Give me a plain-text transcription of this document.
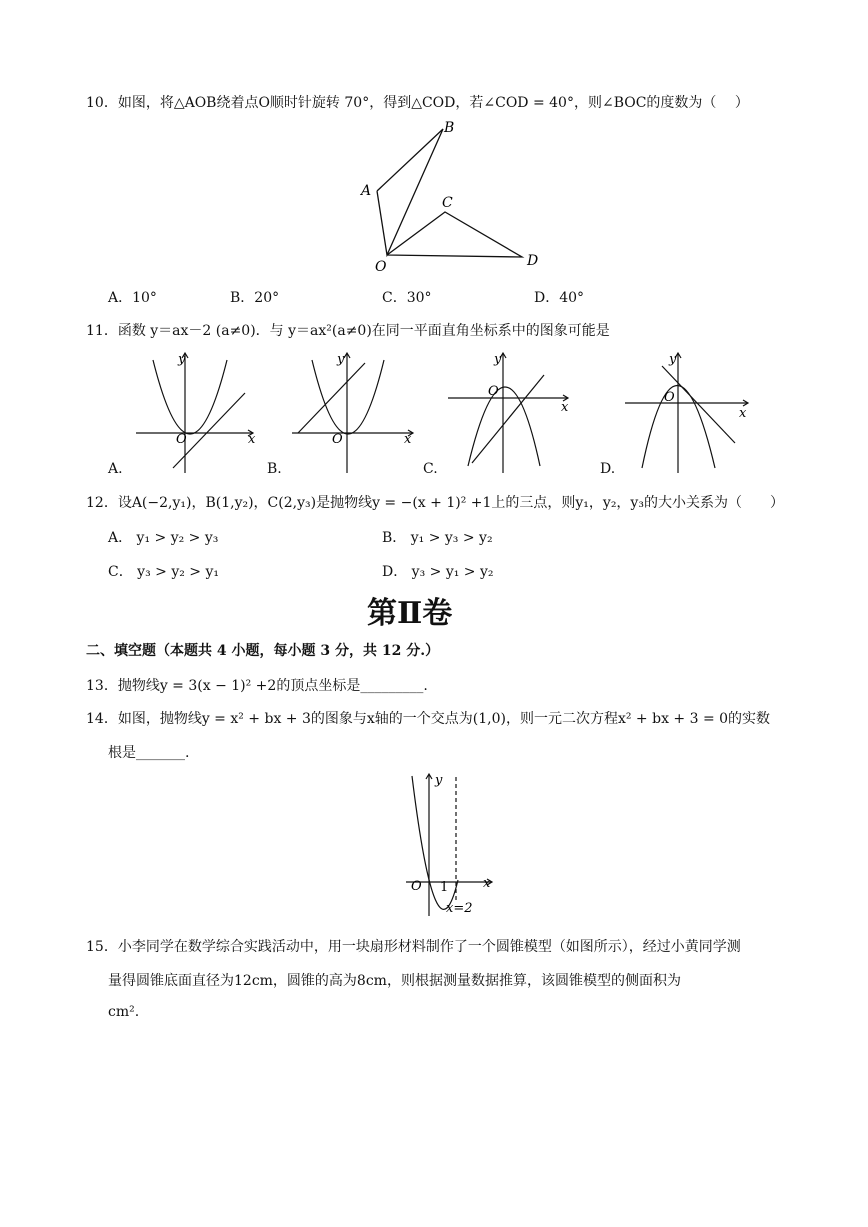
10．如图，将△AOB绕着点O顺时针旋转 70°，得到△COD，若∠COD = 40°，则∠BOC的度数为（　 ）
A
B
C
D
O
A．10°	B．20°	C．30°	D．40°
11．函数 y＝ax－2 (a≠0)．与 y＝ax²(a≠0)在同一平面直角坐标系中的图象可能是
O	x
y
A.
O	x
y
B.
O
x
y
C.
O
x
y
D.
12．设A(−2,y₁)，B(1,y₂)，C(2,y₃)是抛物线y = −(x + 1)² +1上的三点，则y₁，y₂，y₃的大小关系为（　　）
A． y₁ > y₂ > y₃	B． y₁ > y₃ > y₂
C． y₃ > y₂ > y₁	D． y₃ > y₁ > y₂
第Ⅱ卷
二、填空题（本题共 4 小题，每小题 3 分，共 12 分.）
13．抛物线y = 3(x − 1)² +2的顶点坐标是_________.
14．如图，抛物线y = x² + bx + 3的图象与x轴的一个交点为(1,0)，则一元二次方程x² + bx + 3 = 0的实数
根是_______.
y
x
O 1
x=2
15．小李同学在数学综合实践活动中，用一块扇形材料制作了一个圆锥模型（如图所示），经过小黄同学测
量得圆锥底面直径为12cm，圆锥的高为8cm，则根据测量数据推算，该圆锥模型的侧面积为
cm².
